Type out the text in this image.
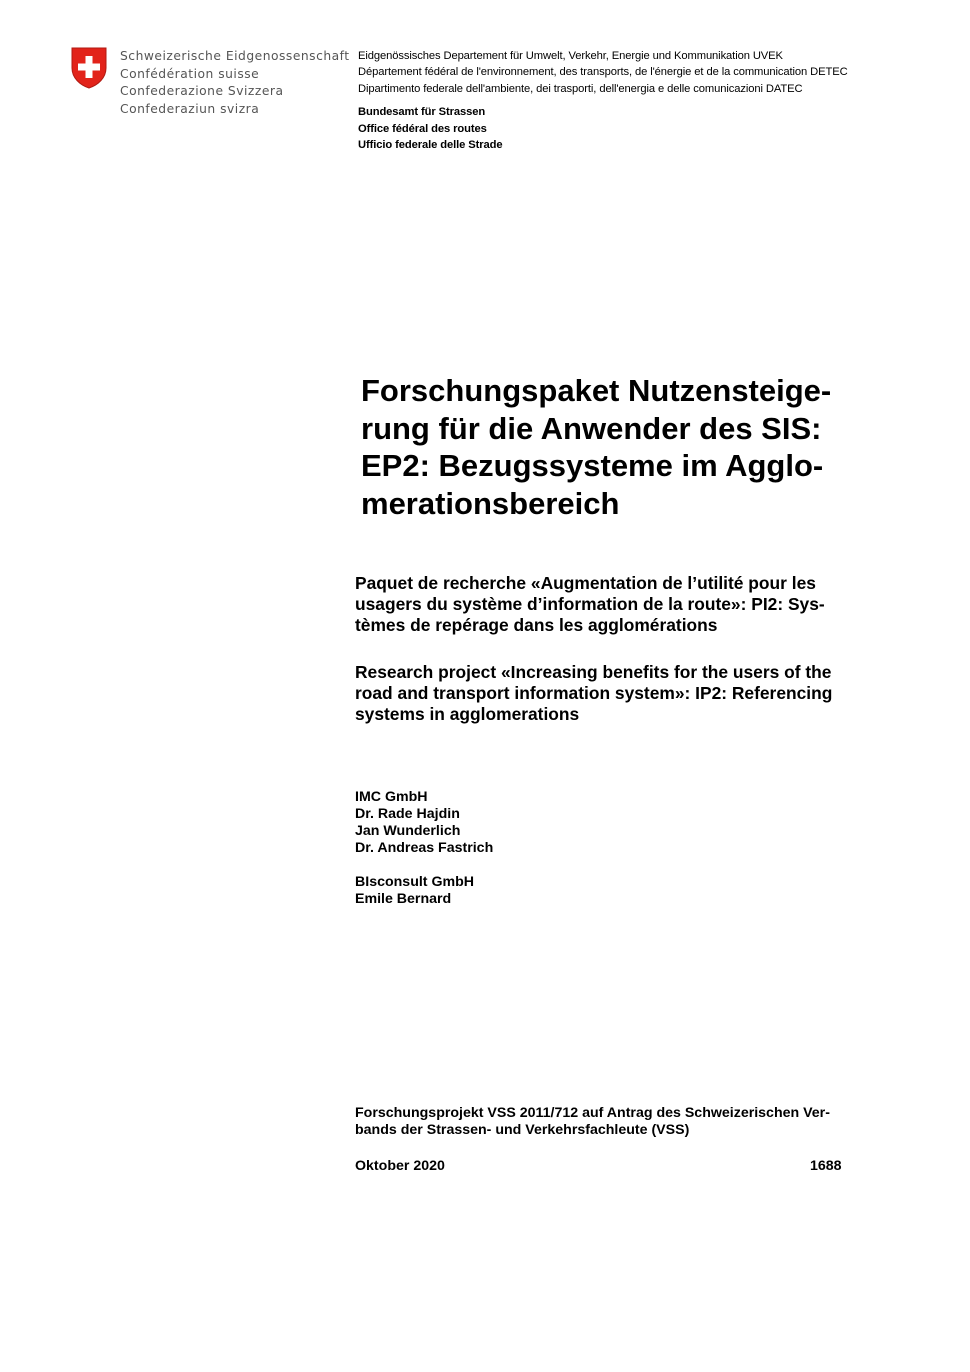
Schweizerische Eidgenossenschaft
Confédération suisse
Confederazione Svizzera
Confederaziun svizra
Eidgenössisches Departement für Umwelt, Verkehr, Energie und Kommunikation UVEK
Département fédéral de l'environnement, des transports, de l'énergie et de la communication DETEC
Dipartimento federale dell'ambiente, dei trasporti, dell'energia e delle comunicazioni DATEC
Bundesamt für Strassen
Office fédéral des routes
Ufficio federale delle Strade
Forschungspaket Nutzensteige-
rung für die Anwender des SIS:
EP2: Bezugssysteme im Agglo-
merationsbereich
Paquet de recherche «Augmentation de l’utilité pour les
usagers du système d’information de la route»: PI2: Sys-
tèmes de repérage dans les agglomérations
Research project «Increasing benefits for the users of the
road and transport information system»: IP2: Referencing
systems in agglomerations
IMC GmbH
Dr. Rade Hajdin
Jan Wunderlich
Dr. Andreas Fastrich
BIsconsult GmbH
Emile Bernard
Forschungsprojekt VSS 2011/712 auf Antrag des Schweizerischen Ver-
bands der Strassen- und Verkehrsfachleute (VSS)
Oktober 2020	1688
